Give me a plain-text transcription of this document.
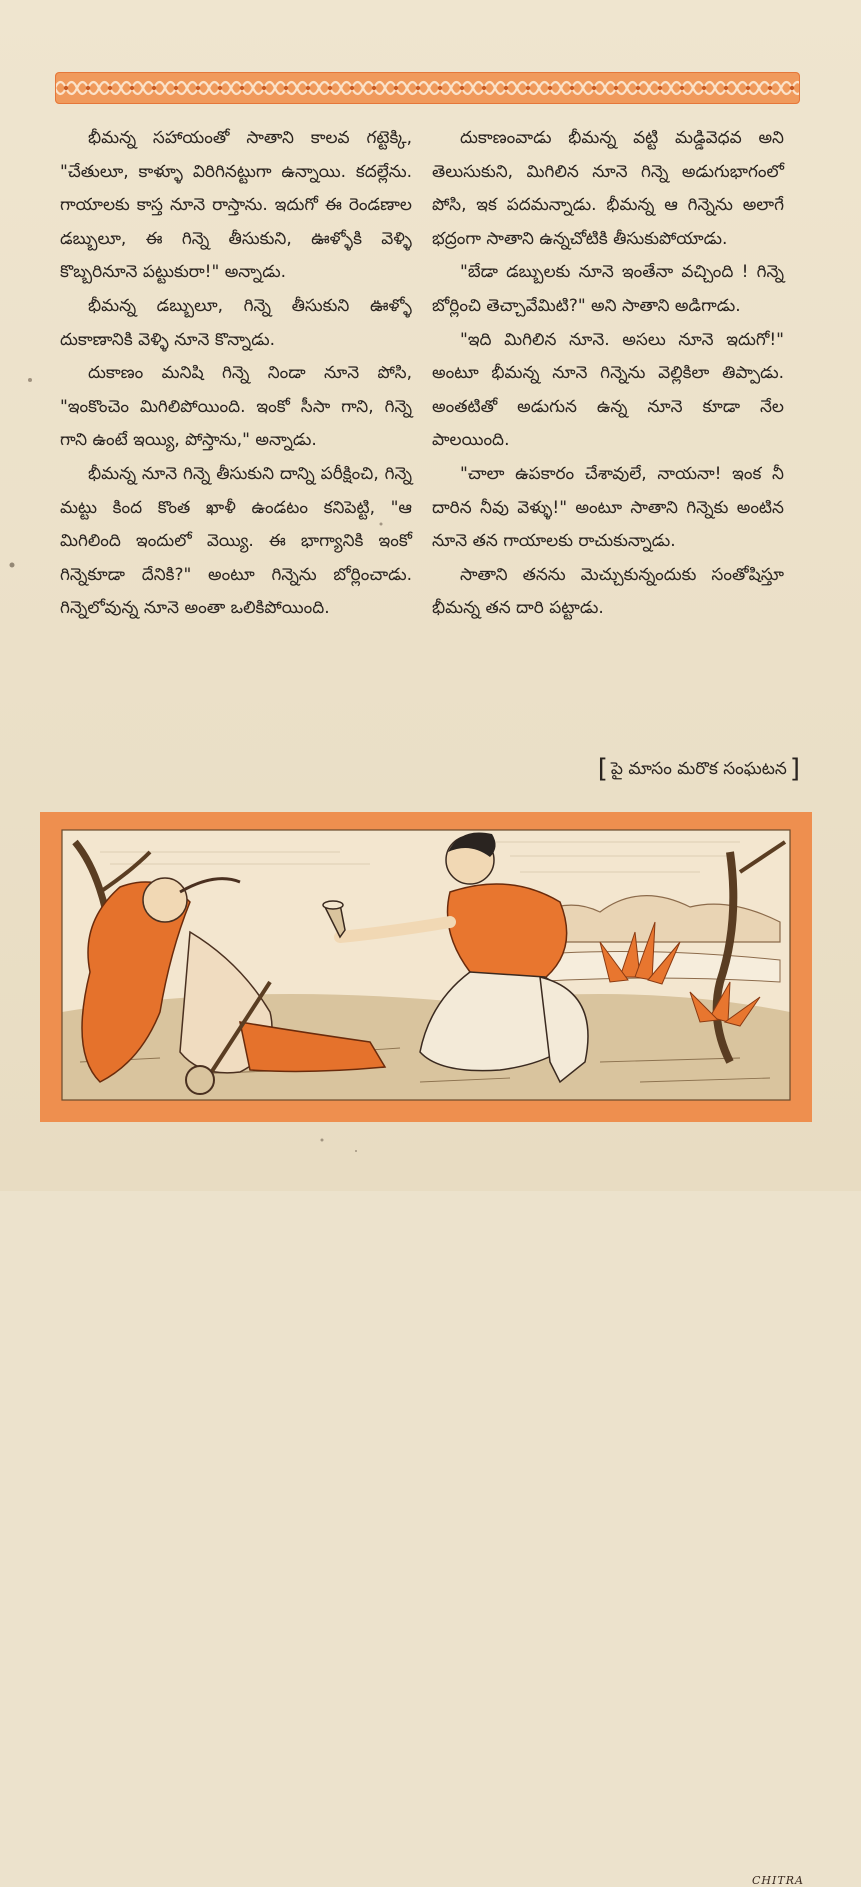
భీమన్న సహాయంతో సాతాని కాలవ గట్టెక్కి, "చేతులూ, కాళ్ళూ విరిగినట్టుగా ఉన్నాయి. కదల్లేను. గాయాలకు కాస్త నూనె రాస్తాను. ఇదుగో ఈ రెండణాల డబ్బులూ, ఈ గిన్నె తీసుకుని, ఊళ్ళోకి వెళ్ళి కొబ్బరినూనె పట్టుకురా!" అన్నాడు.

భీమన్న డబ్బులూ, గిన్నె తీసుకుని ఊళ్ళో దుకాణానికి వెళ్ళి నూనె కొన్నాడు.

దుకాణం మనిషి గిన్నె నిండా నూనె పోసి, "ఇంకొంచెం మిగిలిపోయింది. ఇంకో సీసా గాని, గిన్నె గాని ఉంటే ఇయ్యి, పోస్తాను," అన్నాడు.

భీమన్న నూనె గిన్నె తీసుకుని దాన్ని పరీక్షించి, గిన్నె మట్టు కింద కొంత ఖాళీ ఉండటం కనిపెట్టి, "ఆ మిగిలింది ఇందులో వెయ్యి. ఈ భాగ్యానికి ఇంకో గిన్నెకూడా దేనికి?" అంటూ గిన్నెను బోర్లించాడు. గిన్నెలోవున్న నూనె అంతా ఒలికిపోయింది.

దుకాణంవాడు భీమన్న వట్టి మడ్డివెధవ అని తెలుసుకుని, మిగిలిన నూనె గిన్నె అడుగుభాగంలో పోసి, ఇక పదమన్నాడు. భీమన్న ఆ గిన్నెను అలాగే భద్రంగా సాతాని ఉన్నచోటికి తీసుకుపోయాడు.

"బేడా డబ్బులకు నూనె ఇంతేనా వచ్చింది ! గిన్నె బోర్లించి తెచ్చావేమిటి?" అని సాతాని అడిగాడు.

"ఇది మిగిలిన నూనె. అసలు నూనె ఇదుగో!" అంటూ భీమన్న నూనె గిన్నెను వెల్లికిలా తిప్పాడు. అంతటితో అడుగున ఉన్న నూనె కూడా నేల పాలయింది.

"చాలా ఉపకారం చేశావులే, నాయనా! ఇంక నీ దారిన నీవు వెళ్ళు!" అంటూ సాతాని గిన్నెకు అంటిన నూనె తన గాయాలకు రాచుకున్నాడు.

సాతాని తనను మెచ్చుకున్నందుకు సంతోషిస్తూ భీమన్న తన దారి పట్టాడు.

[ పై మాసం మరొక సంఘటన ]
CHITRA
